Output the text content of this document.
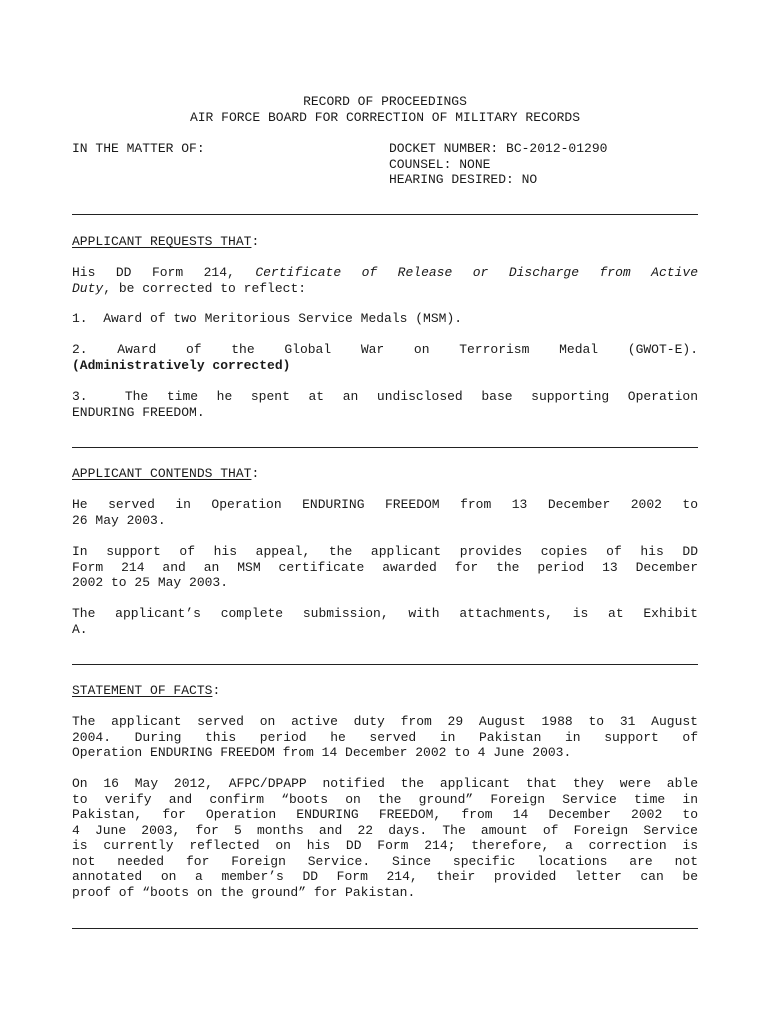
RECORD OF PROCEEDINGS
AIR FORCE BOARD FOR CORRECTION OF MILITARY RECORDS
IN THE MATTER OF:	DOCKET NUMBER: BC-2012-01290
COUNSEL: NONE
HEARING DESIRED: NO
APPLICANT REQUESTS THAT:
His DD Form 214, Certificate of Release or Discharge from Active
Duty, be corrected to reflect:
1.  Award of two Meritorious Service Medals (MSM).
2. Award of the Global War on Terrorism Medal (GWOT-E).
(Administratively corrected)
3.  The time he spent at an undisclosed base supporting Operation
ENDURING FREEDOM.
APPLICANT CONTENDS THAT:
He served in Operation ENDURING FREEDOM from 13 December 2002 to
26 May 2003.
In support of his appeal, the applicant provides copies of his DD
Form 214 and an MSM certificate awarded for the period 13 December
2002 to 25 May 2003.
The applicant’s complete submission, with attachments, is at Exhibit
A.
STATEMENT OF FACTS:
The applicant served on active duty from 29 August 1988 to 31 August
2004. During this period he served in Pakistan in support of
Operation ENDURING FREEDOM from 14 December 2002 to 4 June 2003.
On 16 May 2012, AFPC/DPAPP notified the applicant that they were able
to verify and confirm “boots on the ground” Foreign Service time in
Pakistan, for Operation ENDURING FREEDOM, from 14 December 2002 to
4 June 2003, for 5 months and 22 days. The amount of Foreign Service
is currently reflected on his DD Form 214; therefore, a correction is
not needed for Foreign Service. Since specific locations are not
annotated on a member’s DD Form 214, their provided letter can be
proof of “boots on the ground” for Pakistan.
